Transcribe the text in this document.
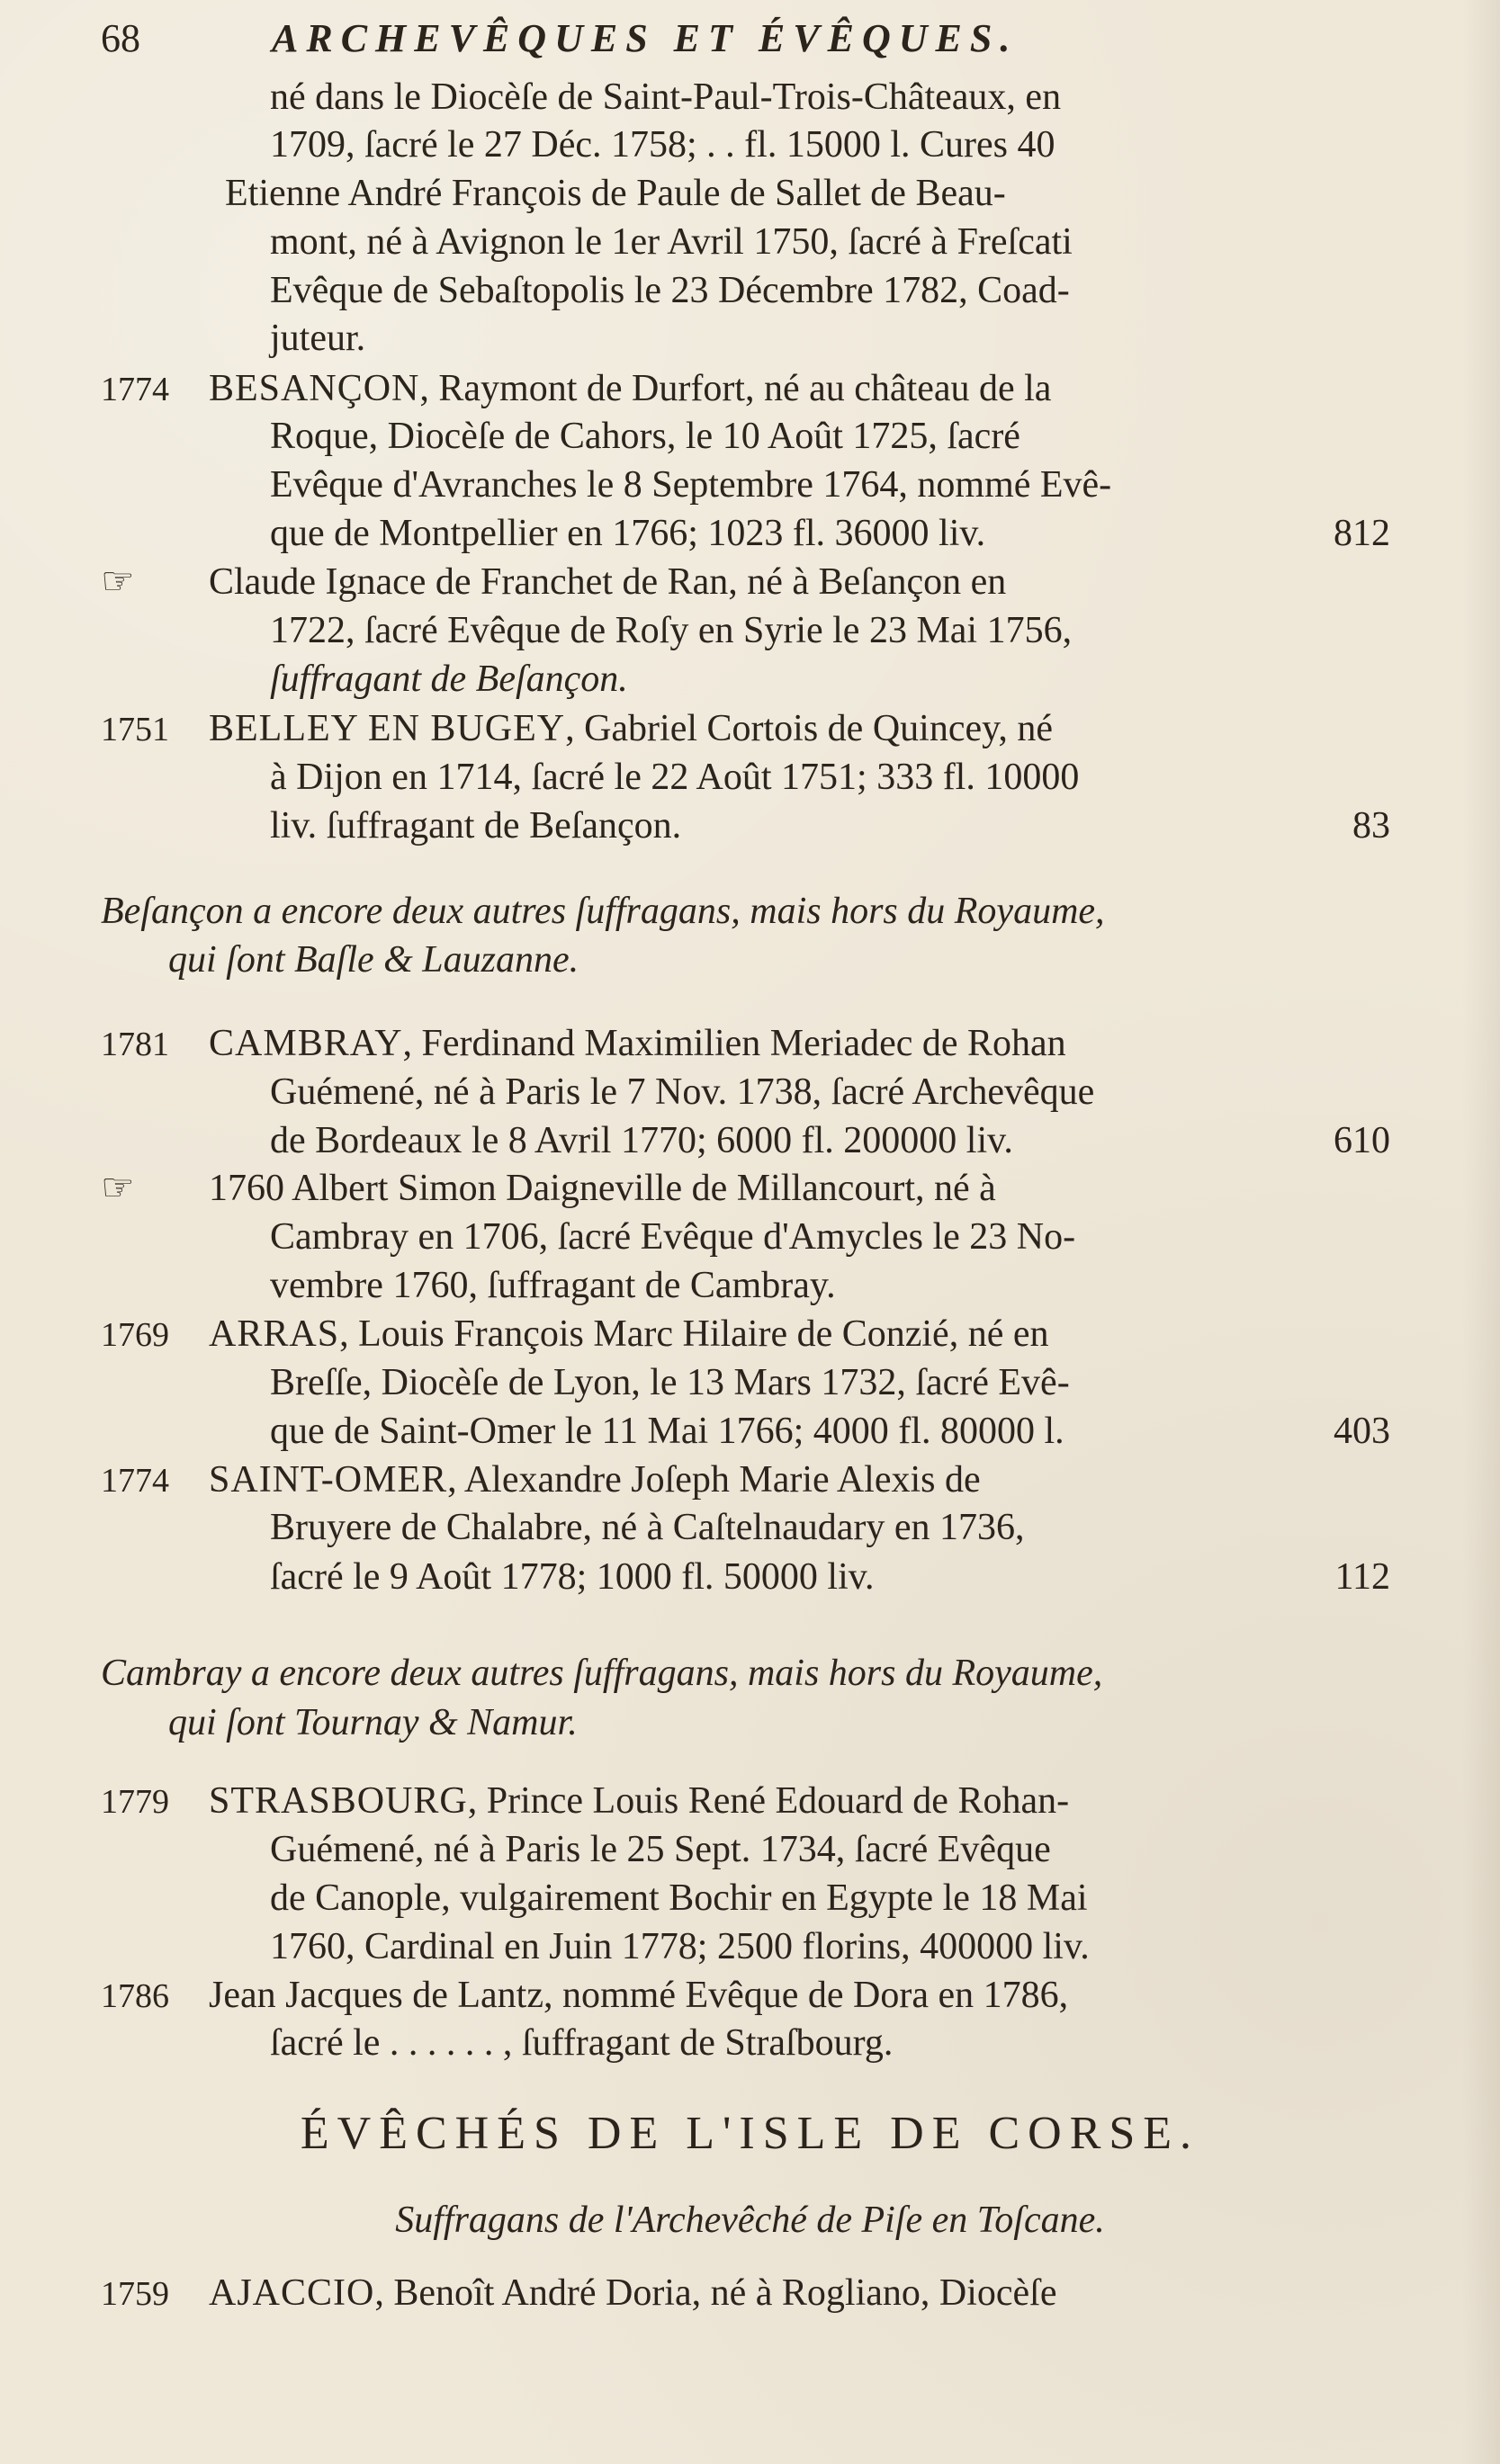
68	ARCHEVÊQUES ET ÉVÊQUES.
né dans le Diocèſe de Saint-Paul-Trois-Châteaux, en
1709, ſacré le 27 Déc. 1758; . . fl. 15000 l. Cures 40
Etienne André François de Paule de Sallet de Beau-
mont, né à Avignon le 1er Avril 1750, ſacré à Freſcati
Evêque de Sebaſtopolis le 23 Décembre 1782, Coad-
juteur.
1774 BESANÇON, Raymont de Durfort, né au château de la
Roque, Diocèſe de Cahors, le 10 Août 1725, ſacré
Evêque d'Avranches le 8 Septembre 1764, nommé Evê-
que de Montpellier en 1766; 1023 fl. 36000 liv.	812
☞ Claude Ignace de Franchet de Ran, né à Beſançon en
1722, ſacré Evêque de Roſy en Syrie le 23 Mai 1756,
ſuffragant de Beſançon.
1751 BELLEY EN BUGEY, Gabriel Cortois de Quincey, né
à Dijon en 1714, ſacré le 22 Août 1751; 333 fl. 10000
liv. ſuffragant de Beſançon.	83
Beſançon a encore deux autres ſuffragans, mais hors du Royaume,
qui ſont Baſle & Lauzanne.
1781 CAMBRAY, Ferdinand Maximilien Meriadec de Rohan
Guémené, né à Paris le 7 Nov. 1738, ſacré Archevêque
de Bordeaux le 8 Avril 1770; 6000 fl. 200000 liv.	610
☞ 1760 Albert Simon Daigneville de Millancourt, né à
Cambray en 1706, ſacré Evêque d'Amycles le 23 No-
vembre 1760, ſuffragant de Cambray.
1769 ARRAS, Louis François Marc Hilaire de Conzié, né en
Breſſe, Diocèſe de Lyon, le 13 Mars 1732, ſacré Evê-
que de Saint-Omer le 11 Mai 1766; 4000 fl. 80000 l.	403
1774 SAINT-OMER, Alexandre Joſeph Marie Alexis de
Bruyere de Chalabre, né à Caſtelnaudary en 1736,
ſacré le 9 Août 1778; 1000 fl. 50000 liv.	112
Cambray a encore deux autres ſuffragans, mais hors du Royaume,
qui ſont Tournay & Namur.
1779 STRASBOURG, Prince Louis René Edouard de Rohan-
Guémené, né à Paris le 25 Sept. 1734, ſacré Evêque
de Canople, vulgairement Bochir en Egypte le 18 Mai
1760, Cardinal en Juin 1778; 2500 florins, 400000 liv.
1786 Jean Jacques de Lantz, nommé Evêque de Dora en 1786,
ſacré le . . . . . . , ſuffragant de Straſbourg.
ÉVÊCHÉS DE L'ISLE DE CORSE.
Suffragans de l'Archevêché de Piſe en Toſcane.
1759 AJACCIO, Benoît André Doria, né à Rogliano, Diocèſe
